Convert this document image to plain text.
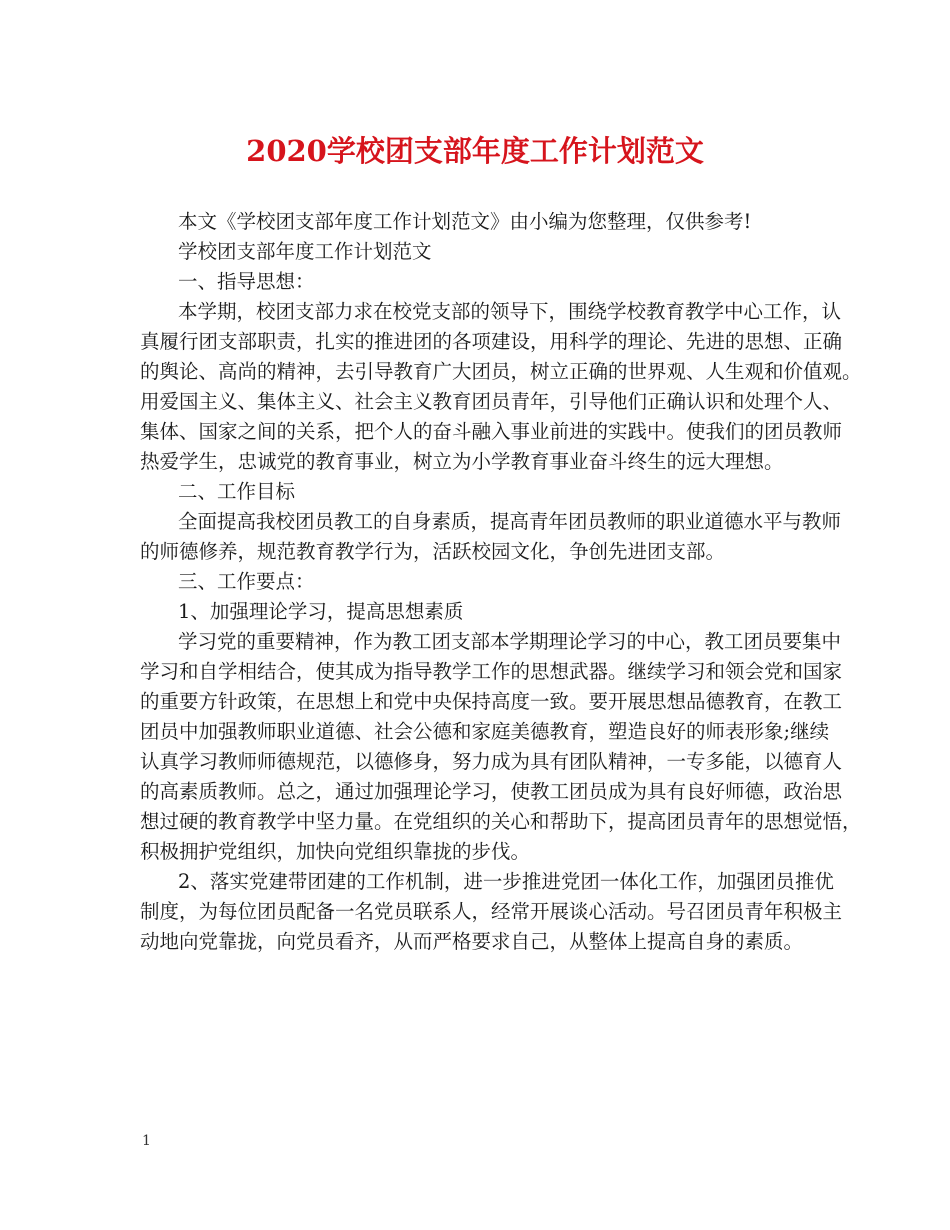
2020学校团支部年度工作计划范文
本文《学校团支部年度工作计划范文》由小编为您整理，仅供参考!
学校团支部年度工作计划范文
一、指导思想：
本学期，校团支部力求在校党支部的领导下，围绕学校教育教学中心工作，认
真履行团支部职责，扎实的推进团的各项建设，用科学的理论、先进的思想、正确
的舆论、高尚的精神，去引导教育广大团员，树立正确的世界观、人生观和价值观。
用爱国主义、集体主义、社会主义教育团员青年，引导他们正确认识和处理个人、
集体、国家之间的关系，把个人的奋斗融入事业前进的实践中。使我们的团员教师
热爱学生，忠诚党的教育事业，树立为小学教育事业奋斗终生的远大理想。
二、工作目标
全面提高我校团员教工的自身素质，提高青年团员教师的职业道德水平与教师
的师德修养，规范教育教学行为，活跃校园文化，争创先进团支部。
三、工作要点：
1、加强理论学习，提高思想素质
学习党的重要精神，作为教工团支部本学期理论学习的中心，教工团员要集中
学习和自学相结合，使其成为指导教学工作的思想武器。继续学习和领会党和国家
的重要方针政策，在思想上和党中央保持高度一致。要开展思想品德教育，在教工
团员中加强教师职业道德、社会公德和家庭美德教育，塑造良好的师表形象;继续
认真学习教师师德规范，以德修身，努力成为具有团队精神，一专多能，以德育人
的高素质教师。总之，通过加强理论学习，使教工团员成为具有良好师德，政治思
想过硬的教育教学中坚力量。在党组织的关心和帮助下，提高团员青年的思想觉悟，
积极拥护党组织，加快向党组织靠拢的步伐。
2、落实党建带团建的工作机制，进一步推进党团一体化工作，加强团员推优
制度，为每位团员配备一名党员联系人，经常开展谈心活动。号召团员青年积极主
动地向党靠拢，向党员看齐，从而严格要求自己，从整体上提高自身的素质。
1
